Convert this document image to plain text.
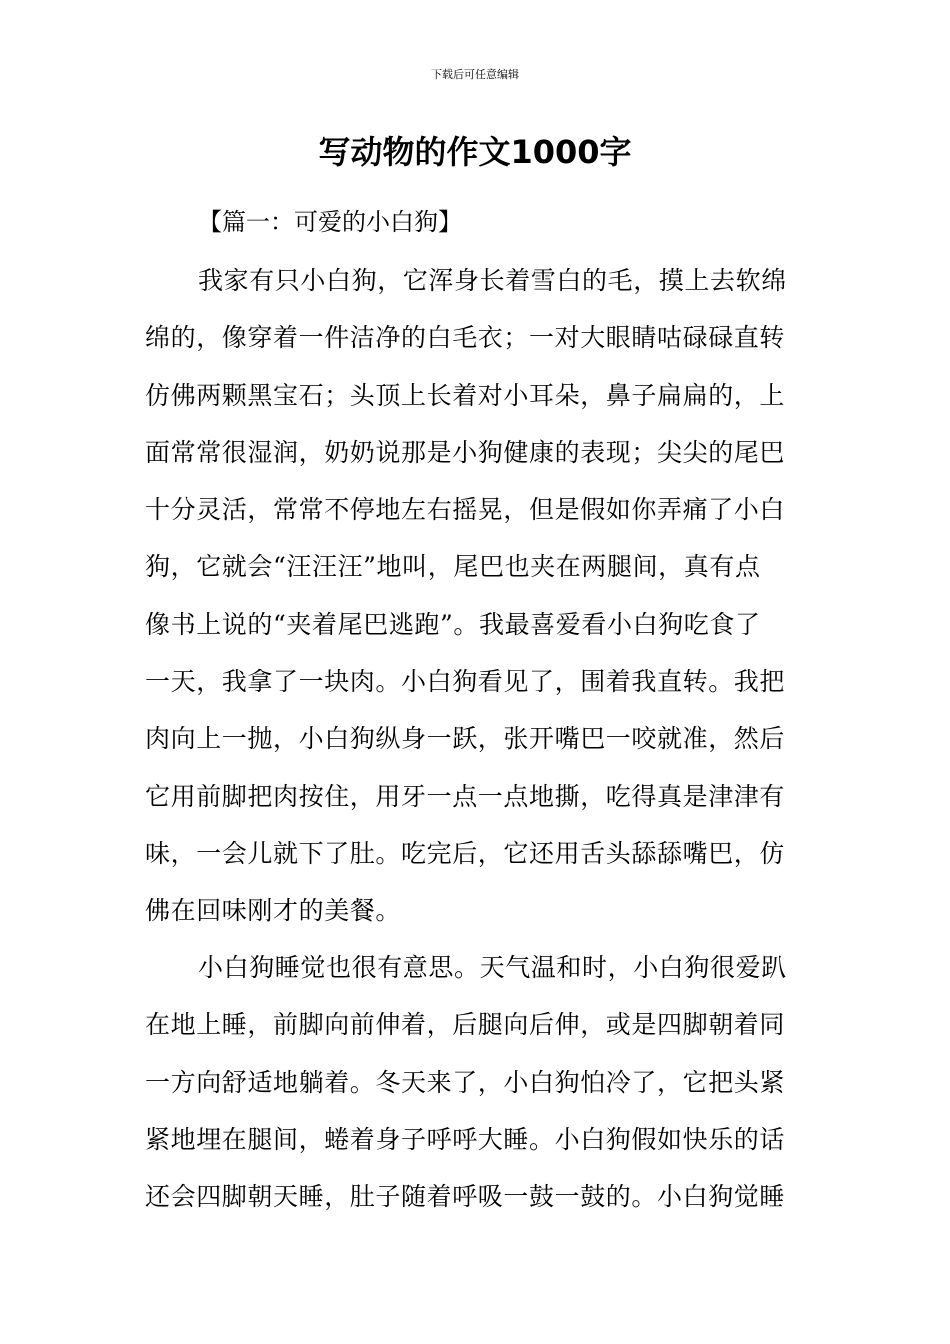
下载后可任意编辑
写动物的作文1000字
【篇一：可爱的小白狗】
我家有只小白狗，它浑身长着雪白的毛，摸上去软绵
绵的，像穿着一件洁净的白毛衣；一对大眼睛咕碌碌直转
仿佛两颗黑宝石；头顶上长着对小耳朵，鼻子扁扁的，上
面常常很湿润，奶奶说那是小狗健康的表现；尖尖的尾巴
十分灵活，常常不停地左右摇晃，但是假如你弄痛了小白
狗，它就会“汪汪汪”地叫，尾巴也夹在两腿间，真有点
像书上说的“夹着尾巴逃跑”。我最喜爱看小白狗吃食了
一天，我拿了一块肉。小白狗看见了，围着我直转。我把
肉向上一抛，小白狗纵身一跃，张开嘴巴一咬就准，然后
它用前脚把肉按住，用牙一点一点地撕，吃得真是津津有
味，一会儿就下了肚。吃完后，它还用舌头舔舔嘴巴，仿
佛在回味刚才的美餐。
小白狗睡觉也很有意思。天气温和时，小白狗很爱趴
在地上睡，前脚向前伸着，后腿向后伸，或是四脚朝着同
一方向舒适地躺着。冬天来了，小白狗怕冷了，它把头紧
紧地埋在腿间，蜷着身子呼呼大睡。小白狗假如快乐的话
还会四脚朝天睡，肚子随着呼吸一鼓一鼓的。小白狗觉睡
